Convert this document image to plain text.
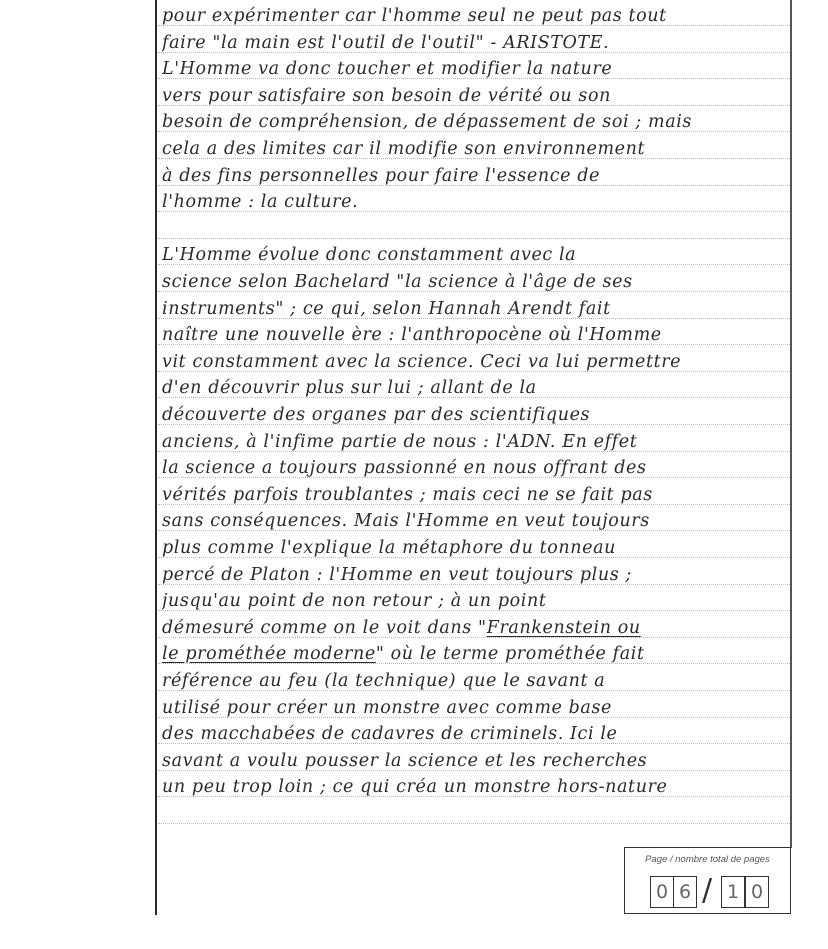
pour expérimenter car l'homme seul ne peut pas tout
faire "la main est l'outil de l'outil" - ARISTOTE.
L'Homme va donc toucher et modifier la nature
vers pour satisfaire son besoin de vérité ou son
besoin de compréhension, de dépassement de soi ; mais
cela a des limites car il modifie son environnement
à des fins personnelles pour faire l'essence de
l'homme : la culture.
L'Homme évolue donc constamment avec la
science selon Bachelard "la science à l'âge de ses
instruments" ; ce qui, selon Hannah Arendt fait
naître une nouvelle ère : l'anthropocène où l'Homme
vit constamment avec la science. Ceci va lui permettre
d'en découvrir plus sur lui ; allant de la
découverte des organes par des scientifiques
anciens, à l'infime partie de nous : l'ADN. En effet
la science a toujours passionné en nous offrant des
vérités parfois troublantes ; mais ceci ne se fait pas
sans conséquences. Mais l'Homme en veut toujours
plus comme l'explique la métaphore du tonneau
percé de Platon : l'Homme en veut toujours plus ;
jusqu'au point de non retour ; à un point
démesuré comme on le voit dans "Frankenstein ou
le prométhée moderne" où le terme prométhée fait
référence au feu (la technique) que le savant a
utilisé pour créer un monstre avec comme base
des macchabées de cadavres de criminels. Ici le
savant a voulu pousser la science et les recherches
un peu trop loin ; ce qui créa un monstre hors-nature
Page / nombre total de pages
0 6 / 1 0
